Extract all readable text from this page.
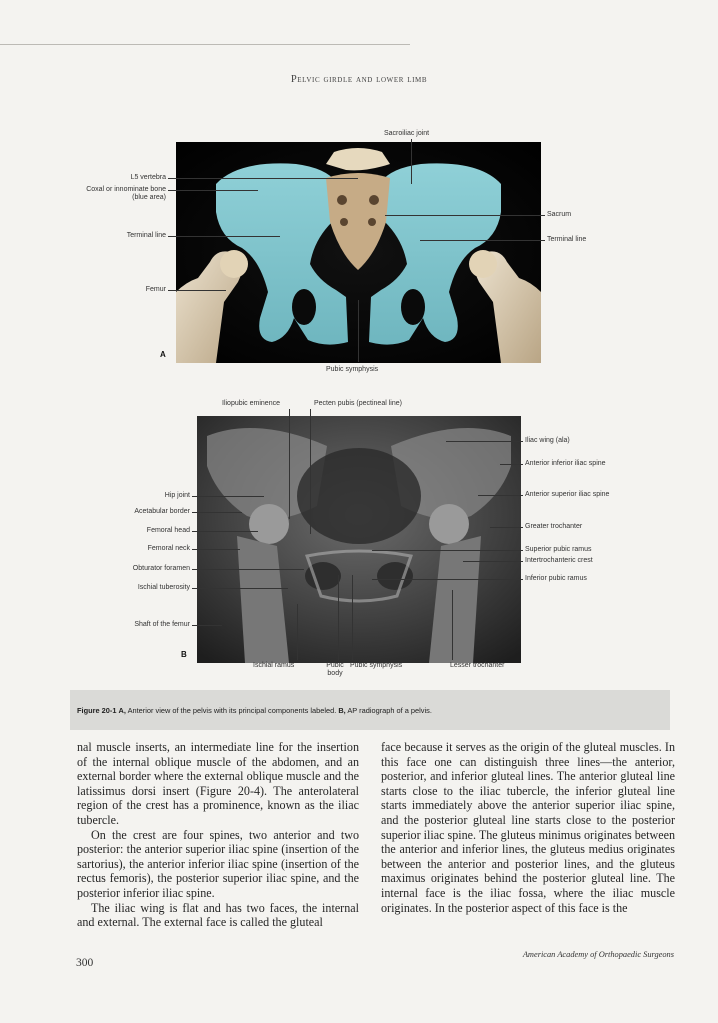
Pelvic girdle and lower limb
Sacroiliac joint
L5 vertebra
Coxal or innominate bone
(blue area)
Terminal line
Femur
Sacrum
Terminal line
A
Pubic symphysis
Iliopubic eminence	Pecten pubis (pectineal line)
Hip joint
Acetabular border
Femoral head
Femoral neck
Obturator foramen
Ischial tuberosity
Shaft of the femur
Iliac wing (ala)
Anterior inferior iliac spine
Anterior superior iliac spine
Greater trochanter
Superior pubic ramus
Intertrochanteric crest
Inferior pubic ramus
B
Ischial ramus	Pubic
body
Pubic symphysis	Lesser trochanter
Figure 20-1 A, Anterior view of the pelvis with its principal components labeled. B, AP radiograph of a pelvis.

nal muscle inserts, an intermediate line for the insertion of the internal oblique muscle of the abdomen, and an external border where the external oblique muscle and the latissimus dorsi insert (Figure 20-4). The anterolateral region of the crest has a prominence, known as the iliac tubercle.

On the crest are four spines, two anterior and two posterior: the anterior superior iliac spine (insertion of the sartorius), the anterior inferior iliac spine (insertion of the rectus femoris), the posterior superior iliac spine, and the posterior inferior iliac spine.

The iliac wing is flat and has two faces, the internal and external. The external face is called the gluteal

face because it serves as the origin of the gluteal muscles. In this face one can distinguish three lines—the anterior, posterior, and inferior gluteal lines. The anterior gluteal line starts close to the iliac tubercle, the inferior gluteal line starts immediately above the anterior superior iliac spine, and the posterior gluteal line starts close to the posterior superior iliac spine. The gluteus minimus originates between the anterior and inferior lines, the gluteus medius originates between the anterior and posterior lines, and the gluteus maximus originates behind the posterior gluteal line. The internal face is the iliac fossa, where the iliac muscle originates. In the posterior aspect of this face is the

American Academy of Orthopaedic Surgeons
300
